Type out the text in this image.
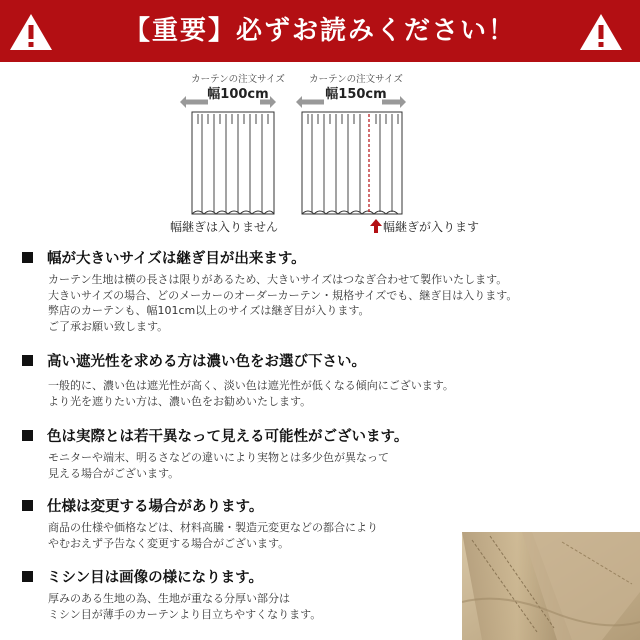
【重要】必ずお読みください！
カーテンの注文サイズ
幅100cm
幅継ぎは入りません
カーテンの注文サイズ
幅150cm
幅継ぎが入ります
幅が大きいサイズは継ぎ目が出来ます。
カーテン生地は横の長さは限りがあるため、大きいサイズはつなぎ合わせて製作いたします。
大きいサイズの場合、どのメーカーのオーダーカーテン・規格サイズでも、継ぎ目は入ります。
弊店のカーテンも、幅101cm以上のサイズは継ぎ目が入ります。
ご了承お願い致します。
高い遮光性を求める方は濃い色をお選び下さい。
一般的に、濃い色は遮光性が高く、淡い色は遮光性が低くなる傾向にございます。
より光を遮りたい方は、濃い色をお勧めいたします。
色は実際とは若干異なって見える可能性がございます。
モニターや端末、明るさなどの違いにより実物とは多少色が異なって
見える場合がございます。
仕様は変更する場合があります。
商品の仕様や価格などは、材料高騰・製造元変更などの都合により
やむおえず予告なく変更する場合がございます。
ミシン目は画像の様になります。
厚みのある生地の為、生地が重なる分厚い部分は
ミシン目が薄手のカーテンより目立ちやすくなります。
